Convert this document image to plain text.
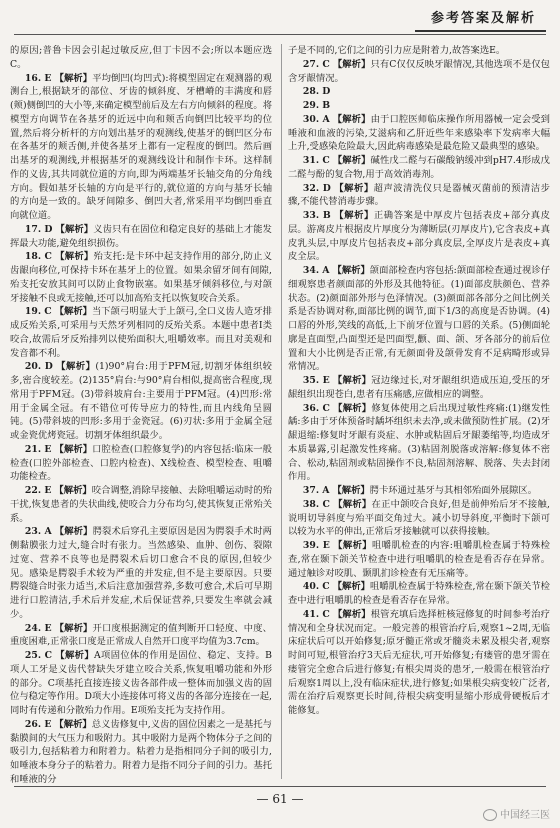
参考答案及解析

的原因;普鲁卡因会引起过敏反应,但丁卡因不会;所以本题应选C。

16. E 【解析】平均倒凹(均凹式):将模型固定在观测器的观测台上,根据缺牙的部位、牙齿的倾斜度、牙槽嵴的丰满度和唇(颊)侧倒凹的大小等,来确定模型前后及左右方向倾斜的程度。将模型方向调节在各基牙的近远中向和颊舌向倒凹比较平均的位置,然后将分析杆的方向划出基牙的观测线,使基牙的倒凹区分布在各基牙的颊舌侧,并使各基牙上都有一定程度的倒凹。然后画出基牙的观测线,并根据基牙的观测线设计和制作卡环。这样制作的义齿,其共同就位道的方向,即为两端基牙长轴交角的分角线方向。假如基牙长轴的方向是平行的,就位道的方向与基牙长轴的方向是一致的。缺牙间隙多、倒凹大者,常采用平均倒凹垂直向就位道。

17. D 【解析】义齿只有在固位和稳定良好的基础上才能发挥最大功能,避免组织损伤。

18. C 【解析】殆支托:是卡环中起支持作用的部分,防止义齿龈向移位,可保持卡环在基牙上的位置。如果余留牙间有间隙,殆支托安放其间可以防止食物嵌塞。如果基牙倾斜移位,与对颌牙接触不良或无接触,还可以加高殆支托以恢复咬合关系。

19. C 【解析】当下颌弓明显大于上颌弓,全口义齿人造牙排成反殆关系,可采用与天然牙列相同的反殆关系。本题中患者Ⅰ类咬合,故需后牙反殆排列以使殆面积大,咀嚼效率。而且对美观和发音都不利。

20. D 【解析】(1)90°肩台:用于PFM冠,切割牙体组织较多,密合度较差。(2)135°肩台:与90°肩台相似,提高密合程度,现常用于PFM冠。(3)带斜坡肩台:主要用于PFM冠。(4)凹形:常用于金属全冠。有不错位可传导应力的特性,而且内线角呈圆钝。(5)带斜坡的凹形:多用于金瓷冠。(6)刃状:多用于金属全冠或金瓷优烤瓷冠。切割牙体组织最少。

21. E 【解析】口腔检查(口腔修复学)的内容包括:临床一般检查(口腔外部检查、口腔内检查)、X线检查、模型检查、咀嚼功能检查。

22. E 【解析】咬合调整,消除早接触、去除咀嚼运动时的殆干扰,恢复患者的失状曲线,使咬合力分布均匀,使其恢复正常殆关系。

23. A 【解析】腭裂术后穿孔主要原因是因为腭裂手术时两侧黏膜张力过大,缝合时有张力。当然感染、血肿、创伤、裂隙过宽、营养不良等也是腭裂术后切口愈合不良的原因,但较少见。感染是腭裂手术较为严重的并发症,但不是主要原因。只要腭裂缝合时张力适当,术后注意加强营养,多数可愈合,术后可早期进行口腔清洁,手术后并发症,术后保证营养,只要发生率就会减少。

24. E 【解析】开口度根据测定的值判断开口轻度、中度、重度困难,正常张口度是正常成人自然开口度平均值为3.7cm。

25. C 【解析】A项固位体的作用是固位、稳定、支持。B项人工牙是义齿代替缺失牙建立咬合关系,恢复咀嚼功能和外形的部分。C项基托直接连接义齿各部件成一整体而加强义齿的固位与稳定等作用。D项大小连接体可将义齿的各部分连接在一起,同时有传递和分散殆力作用。E项殆支托为支持作用。

26. E 【解析】总义齿修复中,义齿的固位因素之一是基托与黏膜间的大气压力和吸附力。其中吸附力是两个物体分子之间的吸引力,包括粘着力和附着力。粘着力是指相同分子间的吸引力,如唾液本身分子的粘着力。附着力是指不同分子间的引力。基托和唾液的分

子是不同的,它们之间的引力应是附着力,故答案选E。

27. C 【解析】只有C仅仅反映牙龈情况,其他选项不是仅包含牙龈情况。

28. D

29. B

30. A 【解析】由于口腔医师临床操作所用器械一定会受到唾液和血液的污染,艾滋病和乙肝近些年来感染率下发病率大幅上升,受感染危险最大,因此病毒感染是最危险又最典型的感染。

31. C 【解析】碱性戊二醛与石碳酸钠缓冲到pH7.4形成戊二醛与酚的复合物,用于高效消毒剂。

32. D 【解析】超声波清洗仪只是器械灭菌前的预清洁步骤,不能代替消毒步骤。

33. B 【解析】正确答案是中厚皮片包括表皮+部分真皮层。游离皮片根据皮片厚度分为薄断层(刃厚皮片),它含表皮+真皮乳头层,中厚皮片包括表皮+部分真皮层,全厚皮片是表皮+真皮全层。

34. A 【解析】颌面部检查内容包括:颌面部检查通过视诊仔细观察患者颜面部的外形及其他特征。(1)面部皮肤颜色、营养状态。(2)颜面部外形与色泽情况。(3)颜面部各部分之间比例关系是否协调对称,面部比例的调节,面下1/3的高度是否协调。(4)口唇的外形,笑线的高低,上下前牙位置与口唇的关系。(5)侧面轮廓是直面型,凸面型还是凹面型,颧、面、颌、牙各部分的前后位置和大小比例是否正常,有无颜面骨及颌骨发育不足病畸形或异常情况。

35. E 【解析】冠边缘过长,对牙龈组织造成压迫,受压的牙龈组织出现苍白,患者有压痛感,应做相应的调整。

36. C 【解析】修复体使用之后出现过敏性疼痛:(1)继发性龋:多由于牙体预备时龋坏组织未去净,或未做预防性扩展。(2)牙龈退缩:修复时牙龈有炎症、水肿或粘固后牙龈萎缩等,均造成牙本质暴露,引起激发性疼痛。(3)粘固剂脱落或溶解:修复体不密合、松动,粘固剂或粘固操作不良,粘固剂溶解、脱落、失去封闭作用。

37. A 【解析】腭卡环通过基牙与其相邻殆面外展隙区。

38. C 【解析】在正中颌咬合良好,但是前伸殆后牙不接触,说明切导斜度与殆平面交角过大。减小切导斜度,平衡时下颌可以较为水平的伸出,正常后牙接触就可以获得接触。

39. E 【解析】咀嚼肌检查的内容:咀嚼肌检查属于特殊检查,常在颞下颌关节检查中进行咀嚼肌的检查是看否存在异常。通过触诊对咬肌、颞肌扪诊检查有无压痛等。

40. C 【解析】咀嚼肌检查属于特殊检查,常在颞下颌关节检查中进行咀嚼肌的检查是看否存在异常。

41. C 【解析】根管充填后选择桩核冠修复的时间参考治疗情况和全身状况而定。一般完善的根管治疗后,观察1~2周,无临床症状后可以开始修复;原牙髓正常或牙髓炎未累及根尖者,观察时间可短,根管治疗3天后无症状,可开始修复;有瘘管的患牙需在瘘管完全愈合后进行修复;有根尖周炎的患牙,一般需在根管治疗后观察1周以上,没有临床症状,进行修复;如果根尖病变较广泛者,需在治疗后观察更长时间,待根尖病变明显缩小形成骨硬板后才能修复。

— 61 —
中国经三医
